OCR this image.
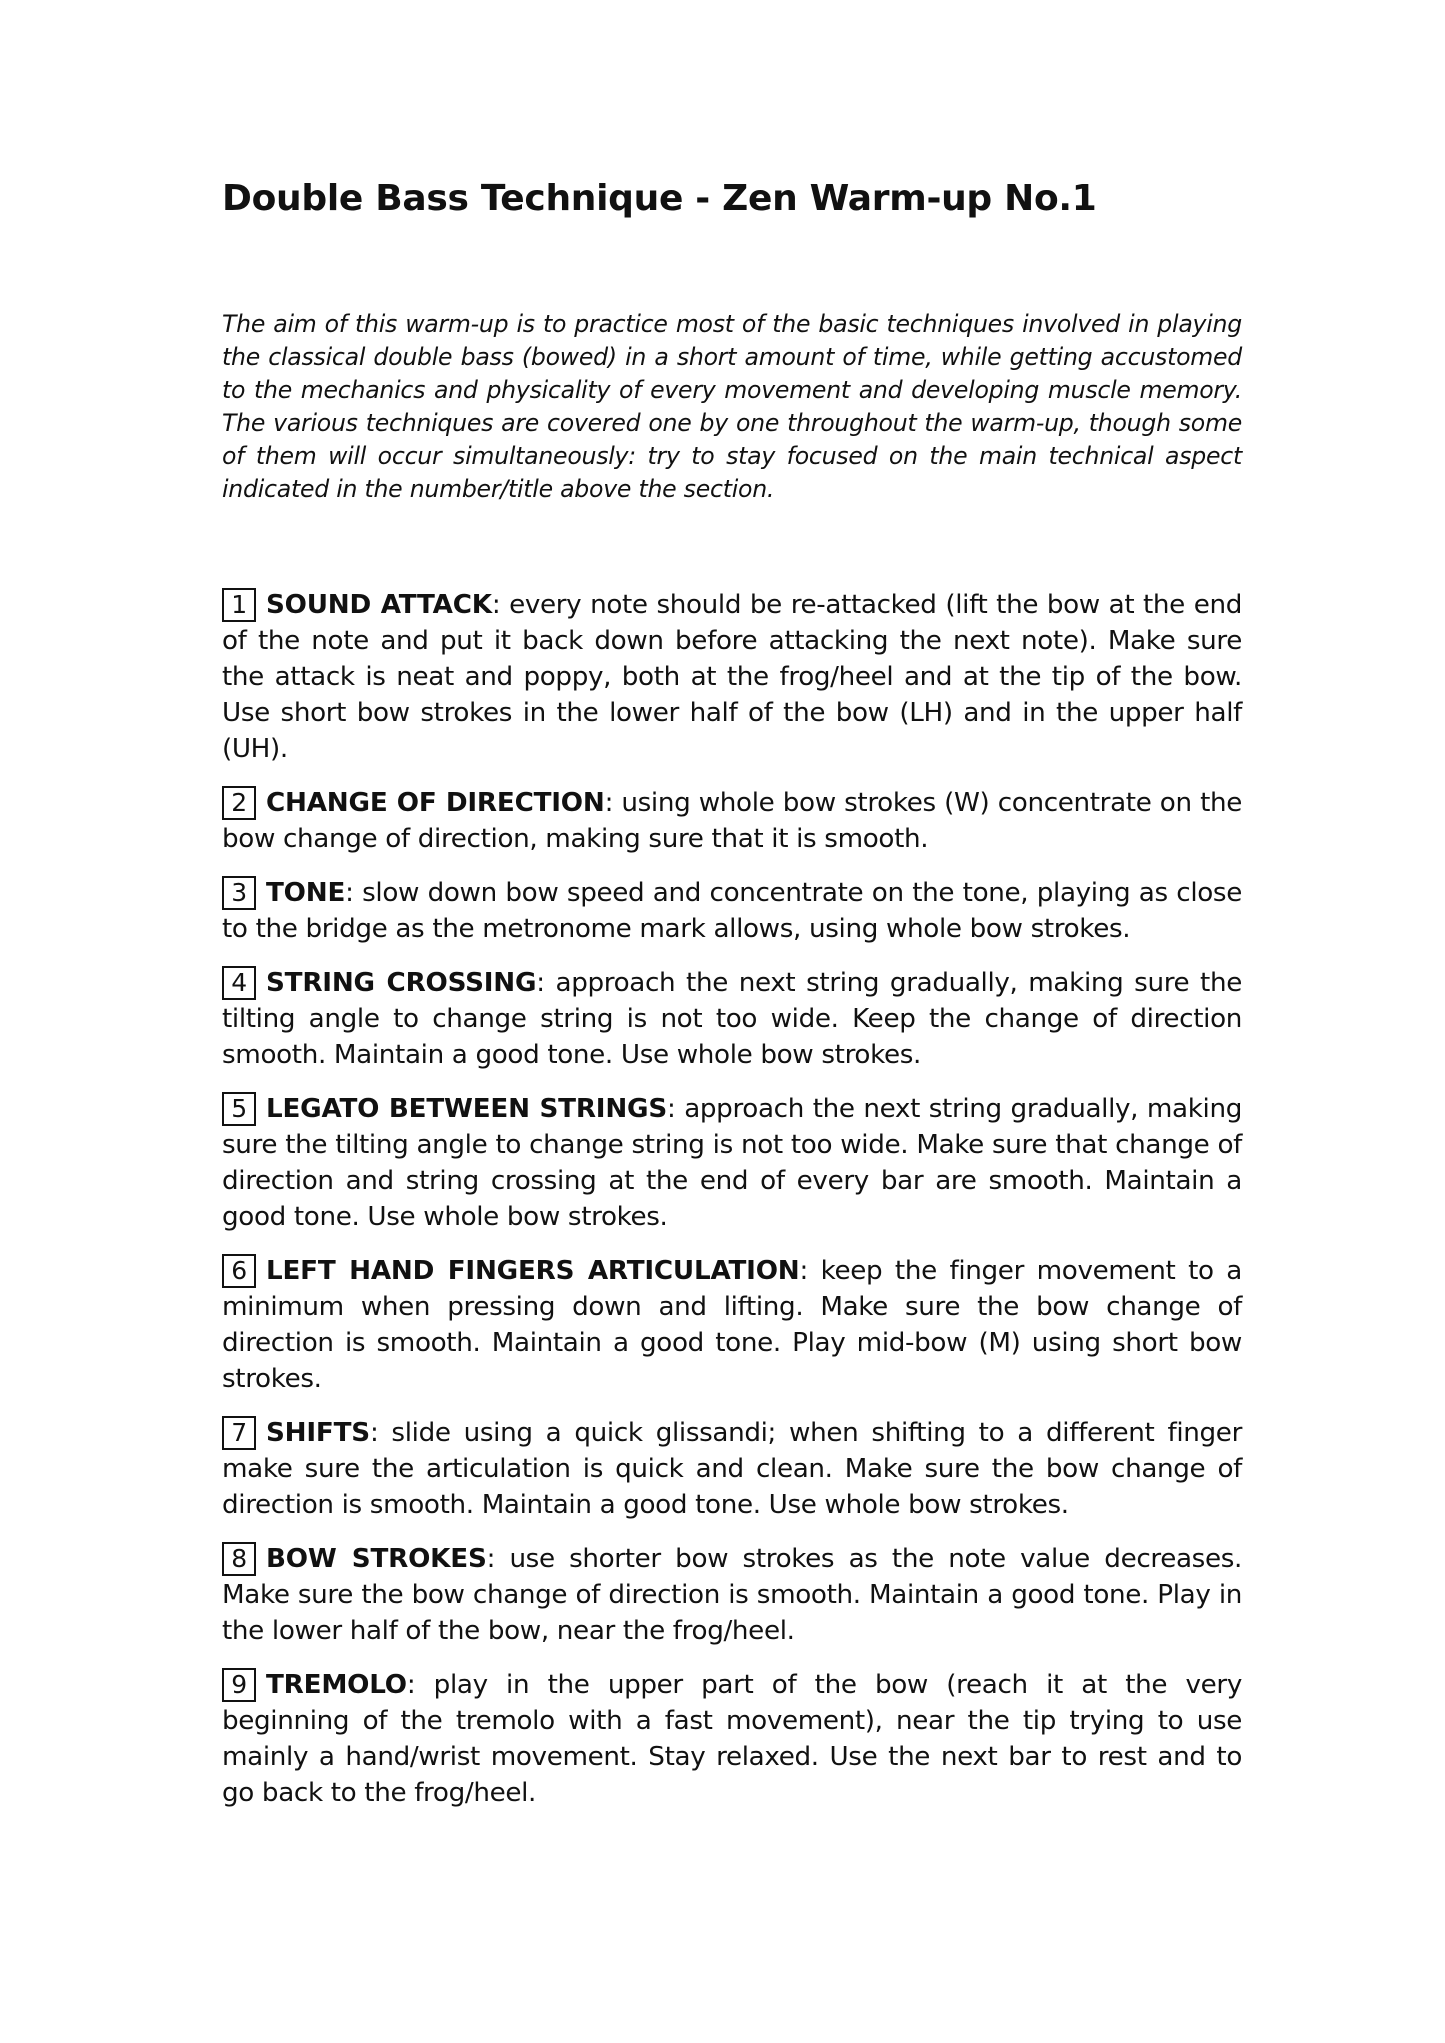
Double Bass Technique - Zen Warm-up No.1

The aim of this warm-up is to practice most of the basic techniques involved in playing the classical double bass (bowed) in a short amount of time, while getting accustomed to the mechanics and physicality of every movement and developing muscle memory. The various techniques are covered one by one throughout the warm-up, though some of them will occur simultaneously: try to stay focused on the main technical aspect indicated in the number/title above the section.

1 SOUND ATTACK: every note should be re-attacked (lift the bow at the end of the note and put it back down before attacking the next note). Make sure the attack is neat and poppy, both at the frog/heel and at the tip of the bow. Use short bow strokes in the lower half of the bow (LH) and in the upper half (UH).

2 CHANGE OF DIRECTION: using whole bow strokes (W) concentrate on the bow change of direction, making sure that it is smooth.

3 TONE: slow down bow speed and concentrate on the tone, playing as close to the bridge as the metronome mark allows, using whole bow strokes.

4 STRING CROSSING: approach the next string gradually, making sure the tilting angle to change string is not too wide. Keep the change of direction smooth. Maintain a good tone. Use whole bow strokes.

5 LEGATO BETWEEN STRINGS: approach the next string gradually, making sure the tilting angle to change string is not too wide. Make sure that change of direction and string crossing at the end of every bar are smooth. Maintain a good tone. Use whole bow strokes.

6 LEFT HAND FINGERS ARTICULATION: keep the finger movement to a minimum when pressing down and lifting. Make sure the bow change of direction is smooth. Maintain a good tone. Play mid-bow (M) using short bow strokes.

7 SHIFTS: slide using a quick glissandi; when shifting to a different finger make sure the articulation is quick and clean. Make sure the bow change of direction is smooth. Maintain a good tone. Use whole bow strokes.

8 BOW STROKES: use shorter bow strokes as the note value decreases. Make sure the bow change of direction is smooth. Maintain a good tone. Play in the lower half of the bow, near the frog/heel.

9 TREMOLO: play in the upper part of the bow (reach it at the very beginning of the tremolo with a fast movement), near the tip trying to use mainly a hand/wrist movement. Stay relaxed. Use the next bar to rest and to go back to the frog/heel.
